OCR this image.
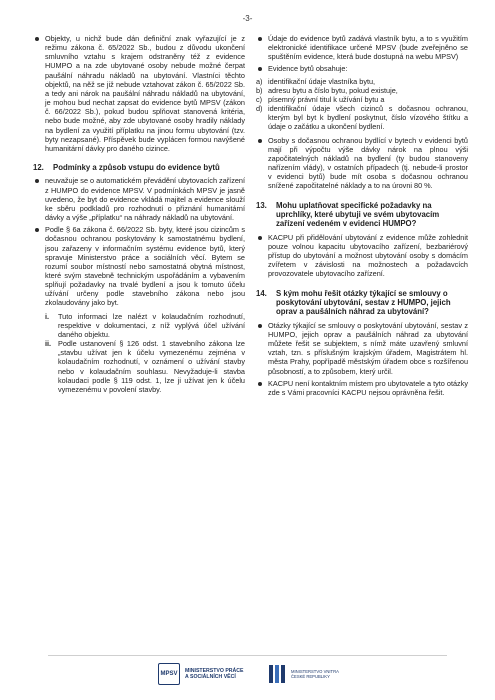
-3-
Objekty, u nichž bude dán definiční znak vyřazující je z režimu zákona č. 65/2022 Sb., budou z důvodu ukončení smluvního vztahu s krajem odstraněny též z evidence HUMPO a na zde ubytované osoby nebude možné čerpat paušální náhradu nákladů na ubytování. Vlastníci těchto objektů, na něž se již nebude vztahovat zákon č. 65/2022 Sb. a tedy ani nárok na paušální náhradu nákladů na ubytování, je mohou bud nechat zapsat do evidence bytů MPSV (zákon č. 66/2022 Sb.), pokud budou splňovat stanovená kritéria, nebo bude možné, aby zde ubytované osoby hradily náklady na bydlení za využití příplatku na jinou formu ubytování (tzv. byty nezapsané). Příspěvek bude vyplácen formou navýšené humanitární dávky pro daného cizince.
12. Podmínky a způsob vstupu do evidence bytů
neuvažuje se o automatickém převádění ubytovacích zařízení z HUMPO do evidence MPSV. V podmínkách MPSV je jasně uvedeno, že byt do evidence vkládá majitel a evidence slouží ke sběru podkladů pro rozhodnutí o přiznání humanitární dávky a výše „příplatku“ na náhrady nákladů na ubytování.
Podle § 6a zákona č. 66/2022 Sb. byty, které jsou cizincům s dočasnou ochranou poskytovány k samostatnému bydlení, jsou zařazeny v informačním systému evidence bytů, který spravuje Ministerstvo práce a sociálních věcí. Bytem se rozumí soubor místností nebo samostatná obytná místnost, které svým stavebně technickým uspořádáním a vybavením splňují požadavky na trvalé bydlení a jsou k tomuto účelu užívání určeny podle stavebního zákona nebo jsou zkolaudovány jako byt.
i. Tuto informaci lze nalézt v kolaudačním rozhodnutí, respektive v dokumentaci, z níž vyplývá účel užívání daného objektu.
ii. Podle ustanovení § 126 odst. 1 stavebního zákona lze „stavbu užívat jen k účelu vymezenému zejména v kolaudačním rozhodnutí, v oznámení o užívání stavby nebo v kolaudačním souhlasu. Nevyžaduje-li stavba kolaudaci podle § 119 odst. 1, lze ji užívat jen k účelu vymezenému v povolení stavby.
Údaje do evidence bytů zadává vlastník bytu, a to s využitím elektronické identifikace určené MPSV (bude zveřejněno se spuštěním evidence, která bude dostupná na webu MPSV)
Evidence bytů obsahuje:
a) identifikační údaje vlastníka bytu,
b) adresu bytu a číslo bytu, pokud existuje,
c) písemný právní titul k užívání bytu a
d) identifikační údaje všech cizinců s dočasnou ochranou, kterým byl byt k bydlení poskytnut, číslo vízového štítku a údaje o začátku a ukončení bydlení.
Osoby s dočasnou ochranou bydlící v bytech v evidenci bytů mají při výpočtu výše dávky nárok na plnou výši započitatelných nákladů na bydlení (ty budou stanoveny nařízením vlády), v ostatních případech (tj. nebude-li prostor v evidenci bytů) bude mít osoba s dočasnou ochranou snížené započitatelné náklady a to na úrovni 80 %.
13. Mohu uplatňovat specifické požadavky na uprchlíky, které ubytuji ve svém ubytovacím zařízení vedeném v evidenci HUMPO?
KACPU při přidělování ubytování z evidence může zohlednit pouze volnou kapacitu ubytovacího zařízení, bezbariérový přístup do ubytování a možnost ubytování osoby s domácím zvířetem v závislosti na možnostech a požadavcích provozovatele ubytovacího zařízení.
14. S kým mohu řešit otázky týkající se smlouvy o poskytování ubytování, sestav z HUMPO, jejich oprav a paušálních náhrad za ubytování?
Otázky týkající se smlouvy o poskytování ubytování, sestav z HUMPO, jejich oprav a paušálních náhrad za ubytování můžete řešit se subjektem, s nímž máte uzavřený smluvní vztah, tzn. s příslušným krajským úřadem, Magistrátem hl. města Prahy, popřípadě městským úřadem obce s rozšířenou působností, a to způsobem, který určil.
KACPU není kontaktním místem pro ubytovatele a tyto otázky zde s Vámi pracovníci KACPU nejsou oprávněna řešit.
MPSV
MINISTERSTVO PRÁCE
A SOCIÁLNÍCH VĚCÍ
MINISTERSTVO VNITRA
ČESKÉ REPUBLIKY
